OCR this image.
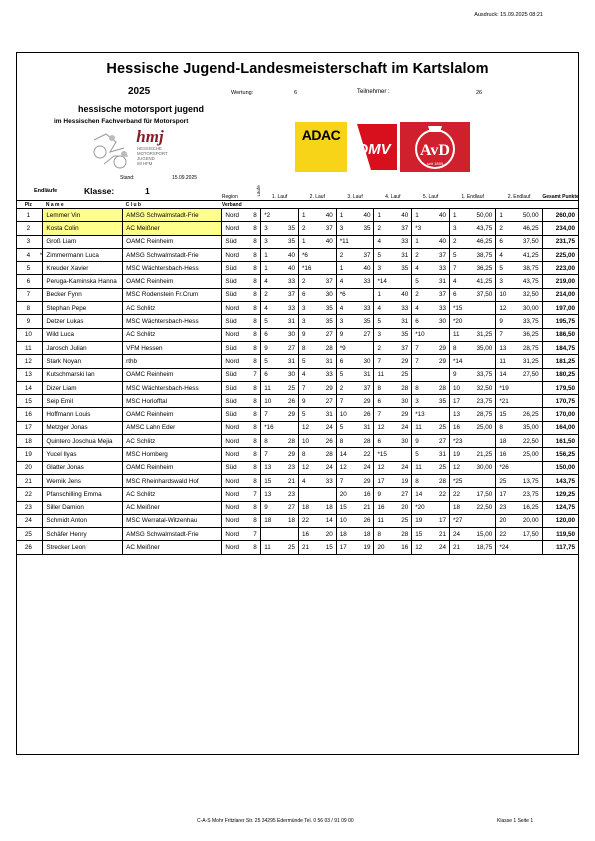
Ausdruck: 15.09.2025 08:21
Hessische Jugend-Landesmeisterschaft im Kartslalom
2025	Wertung:	6	Teilnehmer :	26
hessische motorsport jugend
im Hessischen Fachverband für Motorsport
hmj
HESSISCHE
MOTORSPORT
JUGEND
IM HFM
Stand:	15.09.2025
ADAC
DMV AvD
seit 1899
Endläufe	Klasse:	1
				Region	Läufe	1. Lauf		2. Lauf		3. Lauf		4. Lauf		5. Lauf		1. Endlauf		2. Endlauf		Gesamt Punkte
Plz		N a m e	C l u b	Verband																
1		Lemmer Vin	AMSG Schwalmstadt-Frie	Nord	8	*2		1	40	1	40	1	40	1	40	1	50,00	1	50,00	260,00
2		Kosta Colin	AC Meißner	Nord	8	3	35	2	37	3	35	2	37	*3		3	43,75	2	46,25	234,00
3		Groß Liam	OAMC Reinheim	Süd	8	3	35	1	40	*11		4	33	1	40	2	46,25	6	37,50	231,75
4	*	Zimmermann Luca	AMSG Schwalmstadt-Frie	Nord	8	1	40	*6		2	37	5	31	2	37	5	38,75	4	41,25	225,00
5		Kreuder Xavier	MSC Wächtersbach-Hess	Süd	8	1	40	*16		1	40	3	35	4	33	7	36,25	5	38,75	223,00
6		Peruga-Kaminska Hanna	OAMC Reinheim	Süd	8	4	33	2	37	4	33	*14		5	31	4	41,25	3	43,75	219,00
7		Becker Fynn	MSC Rodenstein Fr.Crum	Süd	8	2	37	6	30	*6		1	40	2	37	6	37,50	10	32,50	214,00
8		Stephan Pepe	AC Schlitz	Nord	8	4	33	3	35	4	33	4	33	4	33	*15		12	30,00	197,00
9		Detzer Lukas	MSC Wächtersbach-Hess	Süd	8	5	31	3	35	3	35	5	31	6	30	*20		9	33,75	195,75
10		Wild Luca	AC Schlitz	Nord	8	6	30	9	27	9	27	3	35	*10		11	31,25	7	36,25	186,50
11		Jarosch Julian	VFM Hessen	Süd	8	9	27	8	28	*9		2	37	7	29	8	35,00	13	28,75	184,75
12		Stark Noyan	rthb	Nord	8	5	31	5	31	6	30	7	29	7	29	*14		11	31,25	181,25
13		Kutschmarski Ian	OAMC Reinheim	Süd	7	6	30	4	33	5	31	11	25			9	33,75	14	27,50	180,25
14		Dizer Liam	MSC Wächtersbach-Hess	Süd	8	11	25	7	29	2	37	8	28	8	28	10	32,50	*19		179,50
15		Seip Emil	MSC Horlofftal	Süd	8	10	26	9	27	7	29	6	30	3	35	17	23,75	*21		170,75
16		Hoffmann Louis	OAMC Reinheim	Süd	8	7	29	5	31	10	26	7	29	*13		13	28,75	15	26,25	170,00
17		Metzger Jonas	AMSC Lahn Eder	Nord	8	*16		12	24	5	31	12	24	11	25	16	25,00	8	35,00	164,00
18		Quintero Joschua Mejia	AC Schlitz	Nord	8	8	28	10	26	8	28	6	30	9	27	*23		18	22,50	161,50
19		Yucel Ilyas	MSC Homberg	Nord	8	7	29	8	28	14	22	*15		5	31	19	21,25	16	25,00	156,25
20		Glatter Jonas	OAMC Reinheim	Süd	8	13	23	12	24	12	24	12	24	11	25	12	30,00	*26		150,00
21		Wernik Jens	MSC Rheinhardswald Hof	Nord	8	15	21	4	33	7	29	17	19	8	28	*25		25	13,75	143,75
22		Pfanschilling Emma	AC Schlitz	Nord	7	13	23			20	16	9	27	14	22	22	17,50	17	23,75	129,25
23		Siller Damion	AC Meißner	Nord	8	9	27	18	18	15	21	16	20	*20		18	22,50	23	16,25	124,75
24		Schmidt Anton	MSC Werratal-Witzenhau	Nord	8	18	18	22	14	10	26	11	25	19	17	*27		20	20,00	120,00
25		Schäfer Henry	AMSG Schwalmstadt-Frie	Nord	7			16	20	18	18	8	28	15	21	24	15,00	22	17,50	119,50
26		Strecker Leon	AC Meißner	Nord	8	11	25	21	15	17	19	20	16	12	24	21	18,75	*24		117,75
C-A-S Mohr Fritzlarer Str. 25 34295 Edermünde Tel. 0 56 03 / 91 09 00	Klasse 1 Seite 1
